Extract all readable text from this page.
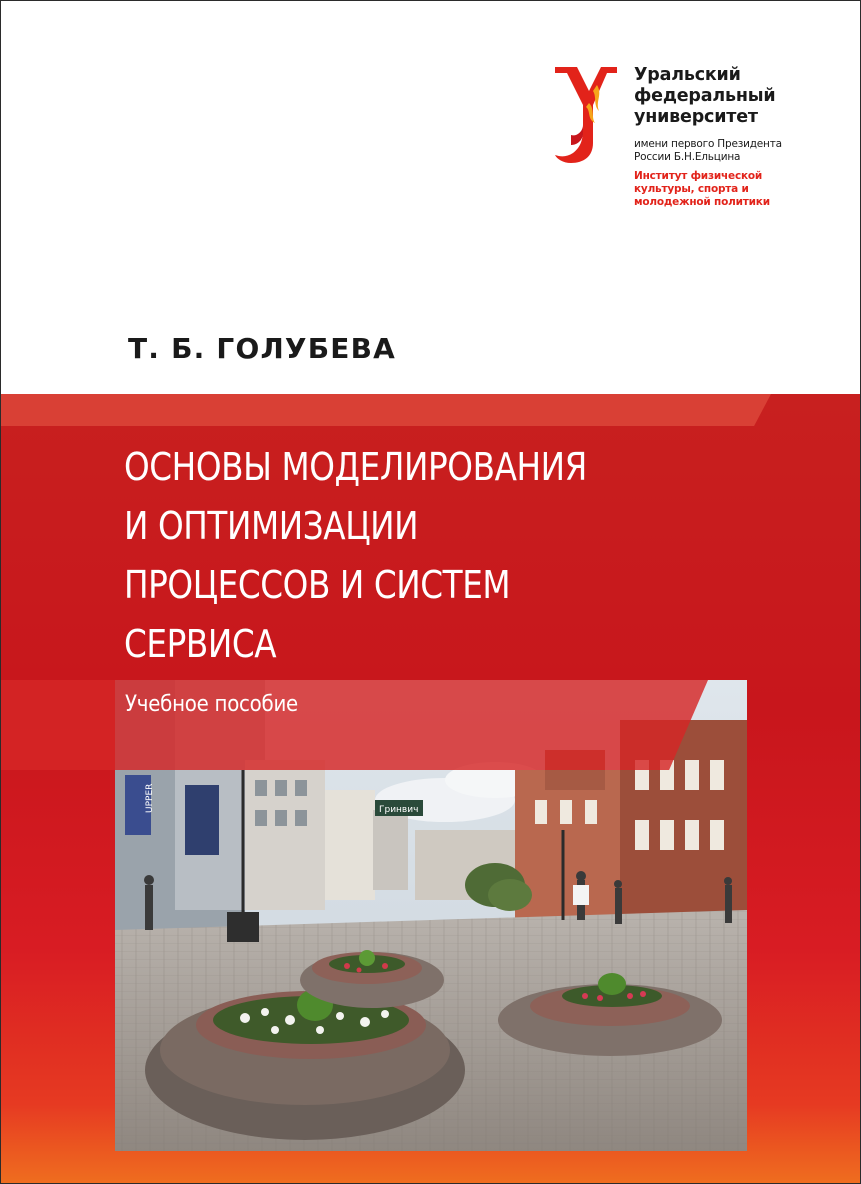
Уральский
федеральный
университет
имени первого Президента
России Б.Н.Ельцина
Институт физической
культуры, спорта и
молодежной политики
Т. Б. ГОЛУБЕВА
ОСНОВЫ МОДЕЛИРОВАНИЯ
И ОПТИМИЗАЦИИ
ПРОЦЕССОВ И СИСТЕМ
СЕРВИСА
UPPER	Гринвич
Учебное пособие
